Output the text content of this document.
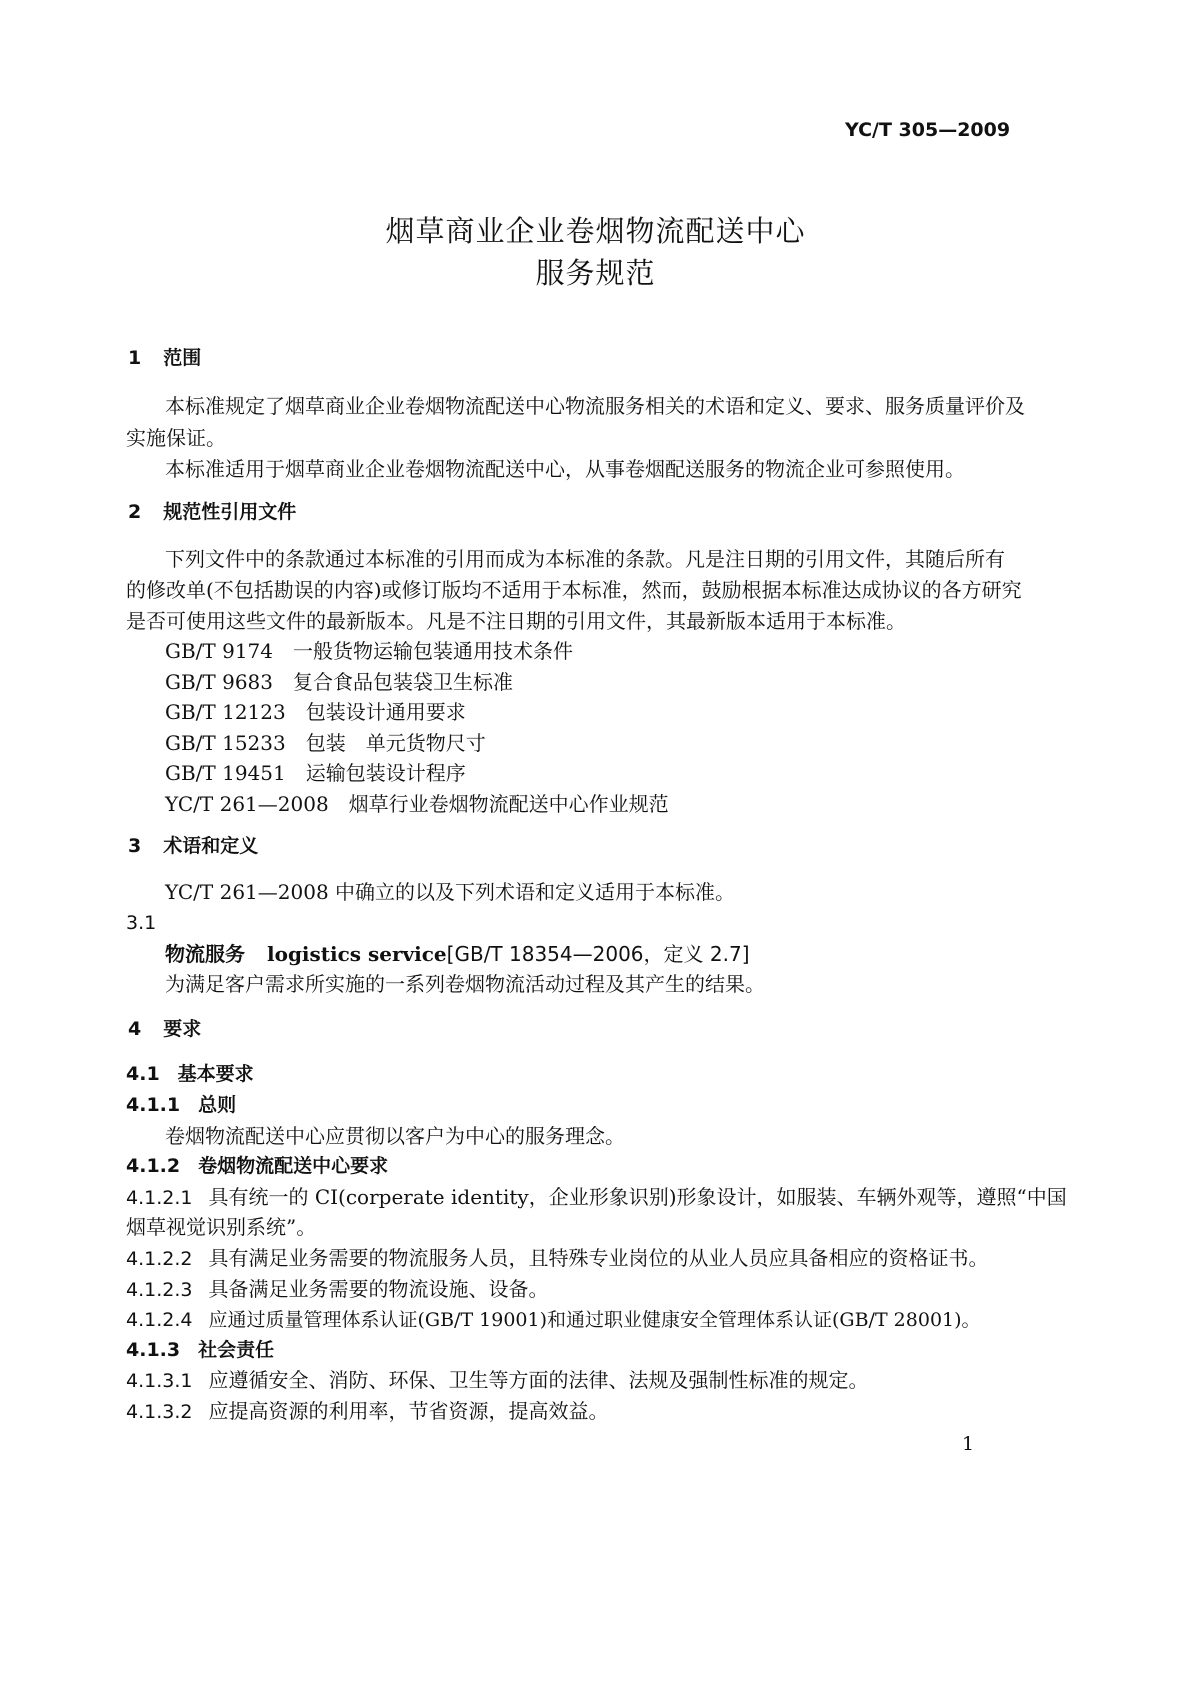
YC/T 305—2009
烟草商业企业卷烟物流配送中心
服务规范
1 范围
本标准规定了烟草商业企业卷烟物流配送中心物流服务相关的术语和定义、要求、服务质量评价及
实施保证。
本标准适用于烟草商业企业卷烟物流配送中心，从事卷烟配送服务的物流企业可参照使用。
2 规范性引用文件
下列文件中的条款通过本标准的引用而成为本标准的条款。凡是注日期的引用文件，其随后所有
的修改单(不包括勘误的内容)或修订版均不适用于本标准，然而，鼓励根据本标准达成协议的各方研究
是否可使用这些文件的最新版本。凡是不注日期的引用文件，其最新版本适用于本标准。
GB/T 9174 一般货物运输包装通用技术条件
GB/T 9683 复合食品包装袋卫生标准
GB/T 12123 包装设计通用要求
GB/T 15233 包装　单元货物尺寸
GB/T 19451 运输包装设计程序
YC/T 261—2008 烟草行业卷烟物流配送中心作业规范
3 术语和定义
YC/T 261—2008 中确立的以及下列术语和定义适用于本标准。
3.1
物流服务 logistics service[GB/T 18354—2006，定义 2.7]
为满足客户需求所实施的一系列卷烟物流活动过程及其产生的结果。
4 要求
4.1 基本要求
4.1.1 总则
卷烟物流配送中心应贯彻以客户为中心的服务理念。
4.1.2 卷烟物流配送中心要求
4.1.2.1 具有统一的 CI(corperate identity，企业形象识别)形象设计，如服装、车辆外观等，遵照“中国
烟草视觉识别系统”。
4.1.2.2 具有满足业务需要的物流服务人员，且特殊专业岗位的从业人员应具备相应的资格证书。
4.1.2.3 具备满足业务需要的物流设施、设备。
4.1.2.4 应通过质量管理体系认证(GB/T 19001)和通过职业健康安全管理体系认证(GB/T 28001)。
4.1.3 社会责任
4.1.3.1 应遵循安全、消防、环保、卫生等方面的法律、法规及强制性标准的规定。
4.1.3.2 应提高资源的利用率，节省资源，提高效益。
1
